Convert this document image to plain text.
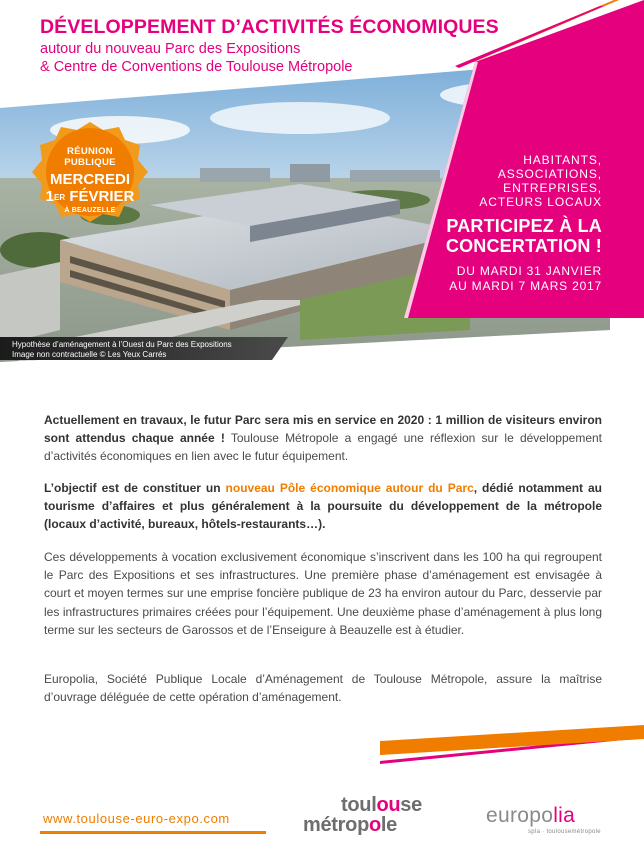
DÉVELOPPEMENT D’ACTIVITÉS ÉCONOMIQUES
autour du nouveau Parc des Expositions
& Centre de Conventions de Toulouse Métropole
RÉUNION
PUBLIQUE
MERCREDI
1ER FÉVRIER
À BEAUZELLE
Hypothèse d’aménagement à l’Ouest du Parc des Expositions
Image non contractuelle © Les Yeux Carrés
HABITANTS,
ASSOCIATIONS,
ENTREPRISES,
ACTEURS LOCAUX
PARTICIPEZ À LA
CONCERTATION !
DU MARDI 31 JANVIER
AU MARDI 7 MARS 2017
Actuellement en travaux, le futur Parc sera mis en service en 2020 : 1 million de visiteurs environ sont attendus chaque année ! Toulouse Métropole a engagé une réflexion sur le développement d’activités économiques en lien avec le futur équipement.
L’objectif est de constituer un nouveau Pôle économique autour du Parc, dédié notamment au tourisme d’affaires et plus généralement à la poursuite du développement de la métropole (locaux d’activité, bureaux, hôtels-restaurants…).
Ces développements à vocation exclusivement économique s’inscrivent dans les 100 ha qui regroupent le Parc des Expositions et ses infrastructures. Une première phase d’aménagement est envisagée à court et moyen termes sur une emprise foncière publique de 23 ha environ autour du Parc, desservie par les infrastructures primaires créées pour l’équipement. Une deuxième phase d’aménagement à plus long terme sur les secteurs de Garossos et de l’Enseigure à Beauzelle est à étudier.
Europolia, Société Publique Locale d’Aménagement de Toulouse Métropole, assure la maîtrise d’ouvrage déléguée de cette opération d’aménagement.
www.toulouse-euro-expo.com
toulouse
métropole	europolia
spla · toulousemétropole
